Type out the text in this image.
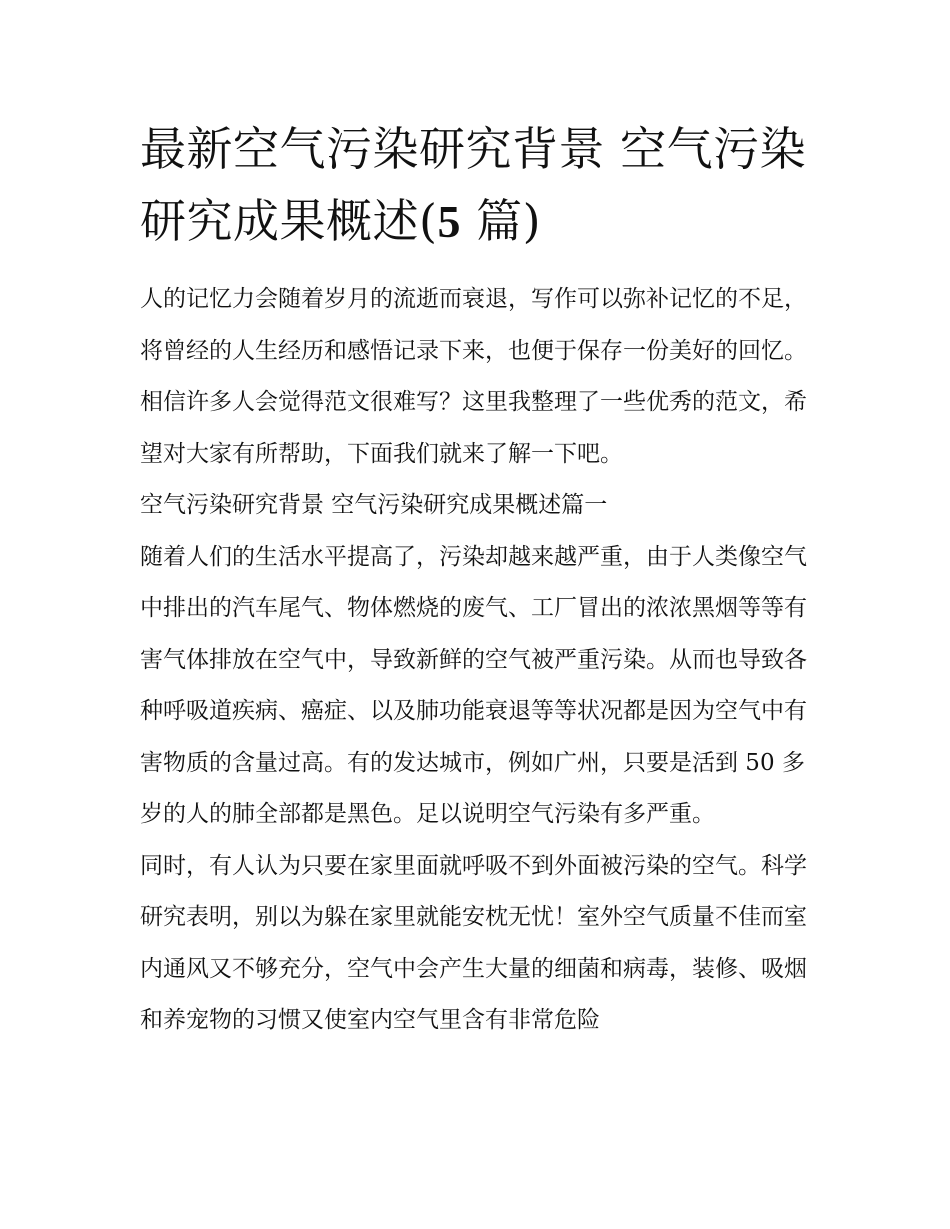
最新空气污染研究背景 空气污染研究成果概述(5 篇)

人的记忆力会随着岁月的流逝而衰退，写作可以弥补记忆的不足，将曾经的人生经历和感悟记录下来，也便于保存一份美好的回忆。相信许多人会觉得范文很难写？这里我整理了一些优秀的范文，希望对大家有所帮助，下面我们就来了解一下吧。

空气污染研究背景 空气污染研究成果概述篇一

随着人们的生活水平提高了，污染却越来越严重，由于人类像空气中排出的汽车尾气、物体燃烧的废气、工厂冒出的浓浓黑烟等等有害气体排放在空气中，导致新鲜的空气被严重污染。从而也导致各种呼吸道疾病、癌症、以及肺功能衰退等等状况都是因为空气中有害物质的含量过高。有的发达城市，例如广州，只要是活到 50 多岁的人的肺全部都是黑色。足以说明空气污染有多严重。

同时，有人认为只要在家里面就呼吸不到外面被污染的空气。科学研究表明，别以为躲在家里就能安枕无忧！室外空气质量不佳而室内通风又不够充分，空气中会产生大量的细菌和病毒，装修、吸烟和养宠物的习惯又使室内空气里含有非常危险
